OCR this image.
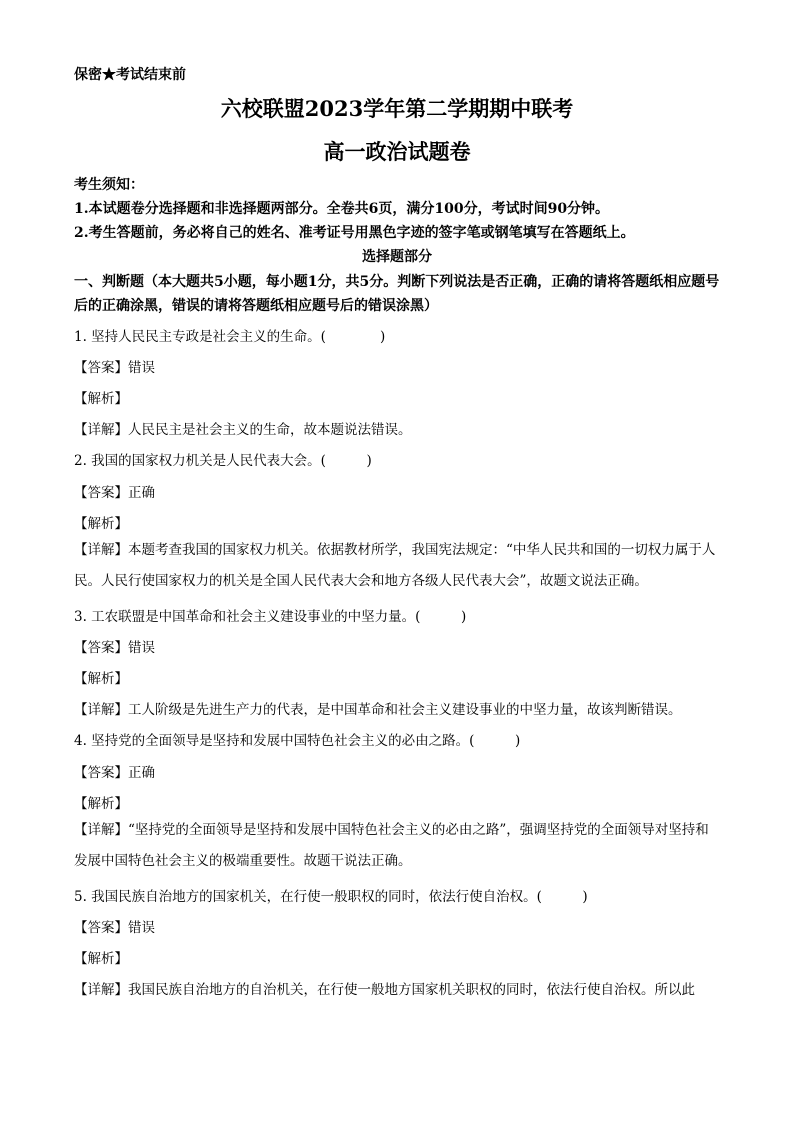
保密★考试结束前
六校联盟2023学年第二学期期中联考
高一政治试题卷
考生须知：
1.本试题卷分选择题和非选择题两部分。全卷共6页，满分100分，考试时间90分钟。
2.考生答题前，务必将自己的姓名、准考证号用黑色字迹的签字笔或钢笔填写在答题纸上。
选择题部分
一、判断题（本大题共5小题，每小题1分，共5分。判断下列说法是否正确，正确的请将答题纸相应题号后的正确涂黑，错误的请将答题纸相应题号后的错误涂黑）
1. 坚持人民民主专政是社会主义的生命。(　　　　)
【答案】错误
【解析】
【详解】人民民主是社会主义的生命，故本题说法错误。
2. 我国的国家权力机关是人民代表大会。(　　　)
【答案】正确
【解析】
【详解】本题考查我国的国家权力机关。依据教材所学，我国宪法规定：“中华人民共和国的一切权力属于人民。人民行使国家权力的机关是全国人民代表大会和地方各级人民代表大会”，故题文说法正确。
3. 工农联盟是中国革命和社会主义建设事业的中坚力量。(　　　)
【答案】错误
【解析】
【详解】工人阶级是先进生产力的代表，是中国革命和社会主义建设事业的中坚力量，故该判断错误。
4. 坚持党的全面领导是坚持和发展中国特色社会主义的必由之路。(　　　)
【答案】正确
【解析】
【详解】“坚持党的全面领导是坚持和发展中国特色社会主义的必由之路”，强调坚持党的全面领导对坚持和发展中国特色社会主义的极端重要性。故题干说法正确。
5. 我国民族自治地方的国家机关，在行使一般职权的同时，依法行使自治权。(　　　)
【答案】错误
【解析】
【详解】我国民族自治地方的自治机关，在行使一般地方国家机关职权的同时，依法行使自治权。所以此
